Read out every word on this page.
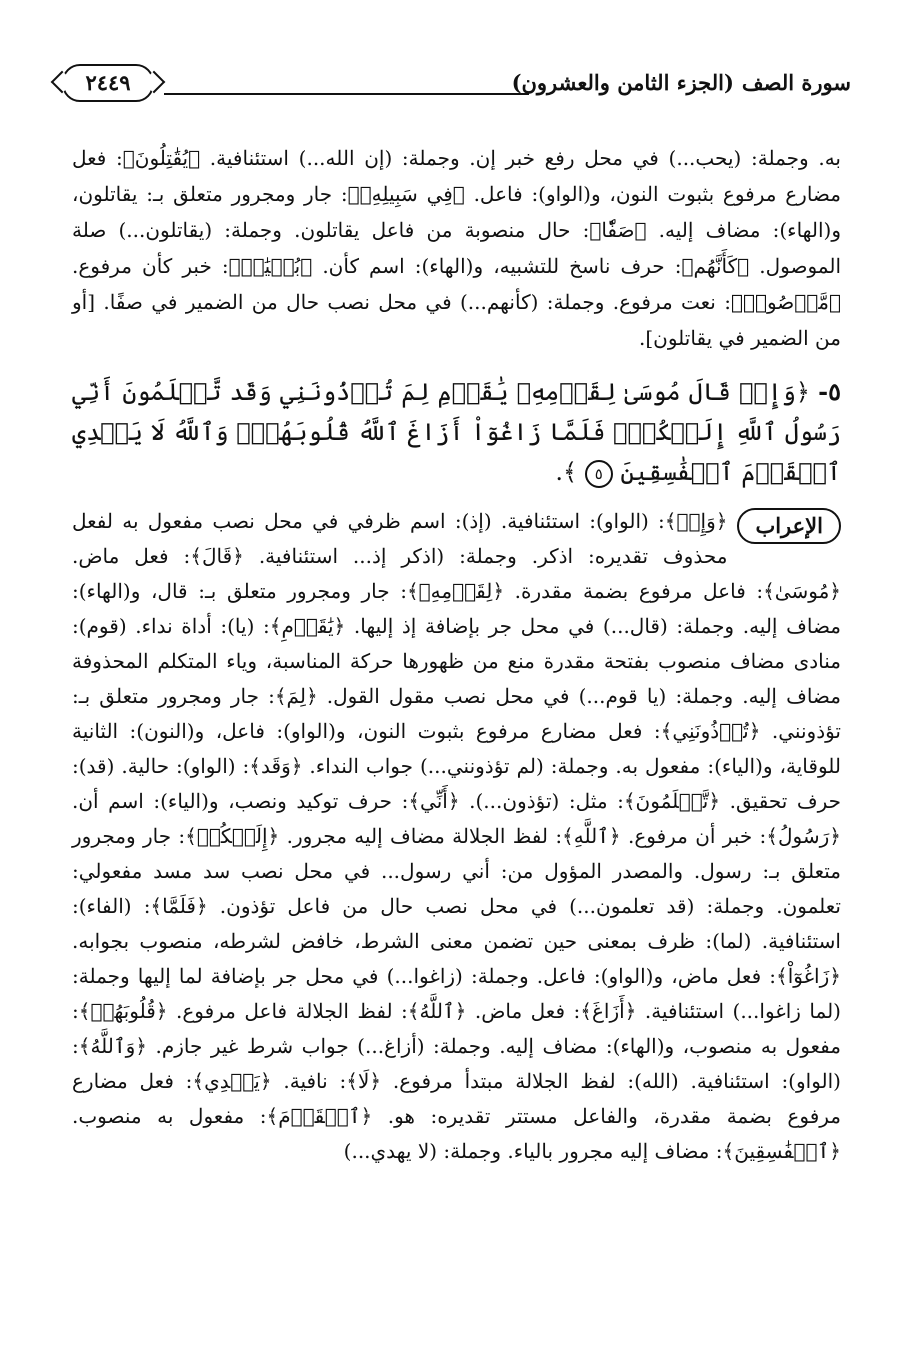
سورة الصف(الجزء الثامن والعشرون)
٢٤٤٩

به. وجملة: (يحب...) في محل رفع خبر إن. وجملة: (إن الله...) استئنافية. ﴿يُقَٰتِلُونَ﴾: فعل مضارع مرفوع بثبوت النون، و(الواو): فاعل. ﴿فِي سَبِيلِهِۦ﴾: جار ومجرور متعلق بـ: يقاتلون، و(الهاء): مضاف إليه. ﴿صَفّٗا﴾: حال منصوبة من فاعل يقاتلون. وجملة: (يقاتلون...) صلة الموصول. ﴿كَأَنَّهُم﴾: حرف ناسخ للتشبيه، و(الهاء): اسم كأن. ﴿بُنۡيَٰنٞ﴾: خبر كأن مرفوع. ﴿مَّرۡصُوصٞ﴾: نعت مرفوع. وجملة: (كأنهم...) في محل نصب حال من الضمير في صفًا. [أو من الضمير في يقاتلون].

٥- ﴿وَإِذۡ قَالَ مُوسَىٰ لِقَوۡمِهِۦ يَٰقَوۡمِ لِمَ تُؤۡذُونَنِي وَقَد تَّعۡلَمُونَ أَنِّي رَسُولُ ٱللَّهِ إِلَيۡكُمۡۖ فَلَمَّا زَاغُوٓاْ أَزَاغَ ٱللَّهُ قُلُوبَهُمۡۚ وَٱللَّهُ لَا يَهۡدِي ٱلۡقَوۡمَ ٱلۡفَٰسِقِينَ ٥ ﴾.
الإعراب
﴿وَإِذۡ﴾: (الواو): استئنافية. (إذ): اسم ظرفي في محل نصب مفعول به لفعل محذوف تقديره: اذكر. وجملة: (اذكر إذ... استئنافية. ﴿قَالَ﴾: فعل ماض. ﴿مُوسَىٰ﴾: فاعل مرفوع بضمة مقدرة. ﴿لِقَوۡمِهِۦ﴾: جار ومجرور متعلق بـ: قال، و(الهاء): مضاف إليه. وجملة: (قال...) في محل جر بإضافة إذ إليها. ﴿يَٰقَوۡمِ﴾: (يا): أداة نداء. (قوم): منادى مضاف منصوب بفتحة مقدرة منع من ظهورها حركة المناسبة، وياء المتكلم المحذوفة مضاف إليه. وجملة: (يا قوم...) في محل نصب مقول القول. ﴿لِمَ﴾: جار ومجرور متعلق بـ: تؤذونني. ﴿تُؤۡذُونَنِي﴾: فعل مضارع مرفوع بثبوت النون، و(الواو): فاعل، و(النون): الثانية للوقاية، و(الياء): مفعول به. وجملة: (لم تؤذونني...) جواب النداء. ﴿وَقَد﴾: (الواو): حالية. (قد): حرف تحقيق. ﴿تَّعۡلَمُونَ﴾: مثل: (تؤذون...). ﴿أَنِّي﴾: حرف توكيد ونصب، و(الياء): اسم أن. ﴿رَسُولُ﴾: خبر أن مرفوع. ﴿ٱللَّهِ﴾: لفظ الجلالة مضاف إليه مجرور. ﴿إِلَيۡكُمۡ﴾: جار ومجرور متعلق بـ: رسول. والمصدر المؤول من: أني رسول... في محل نصب سد مسد مفعولي: تعلمون. وجملة: (قد تعلمون...) في محل نصب حال من فاعل تؤذون. ﴿فَلَمَّا﴾: (الفاء): استئنافية. (لما): ظرف بمعنى حين تضمن معنى الشرط، خافض لشرطه، منصوب بجوابه. ﴿زَاغُوٓاْ﴾: فعل ماض، و(الواو): فاعل. وجملة: (زاغوا...) في محل جر بإضافة لما إليها وجملة: (لما زاغوا...) استئنافية. ﴿أَزَاغَ﴾: فعل ماض. ﴿ٱللَّهُ﴾: لفظ الجلالة فاعل مرفوع. ﴿قُلُوبَهُمۡ﴾: مفعول به منصوب، و(الهاء): مضاف إليه. وجملة: (أزاغ...) جواب شرط غير جازم. ﴿وَٱللَّهُ﴾: (الواو): استئنافية. (الله): لفظ الجلالة مبتدأ مرفوع. ﴿لَا﴾: نافية. ﴿يَهۡدِي﴾: فعل مضارع مرفوع بضمة مقدرة، والفاعل مستتر تقديره: هو. ﴿ٱلۡقَوۡمَ﴾: مفعول به منصوب. ﴿ٱلۡفَٰسِقِينَ﴾: مضاف إليه مجرور بالياء. وجملة: (لا يهدي...)
